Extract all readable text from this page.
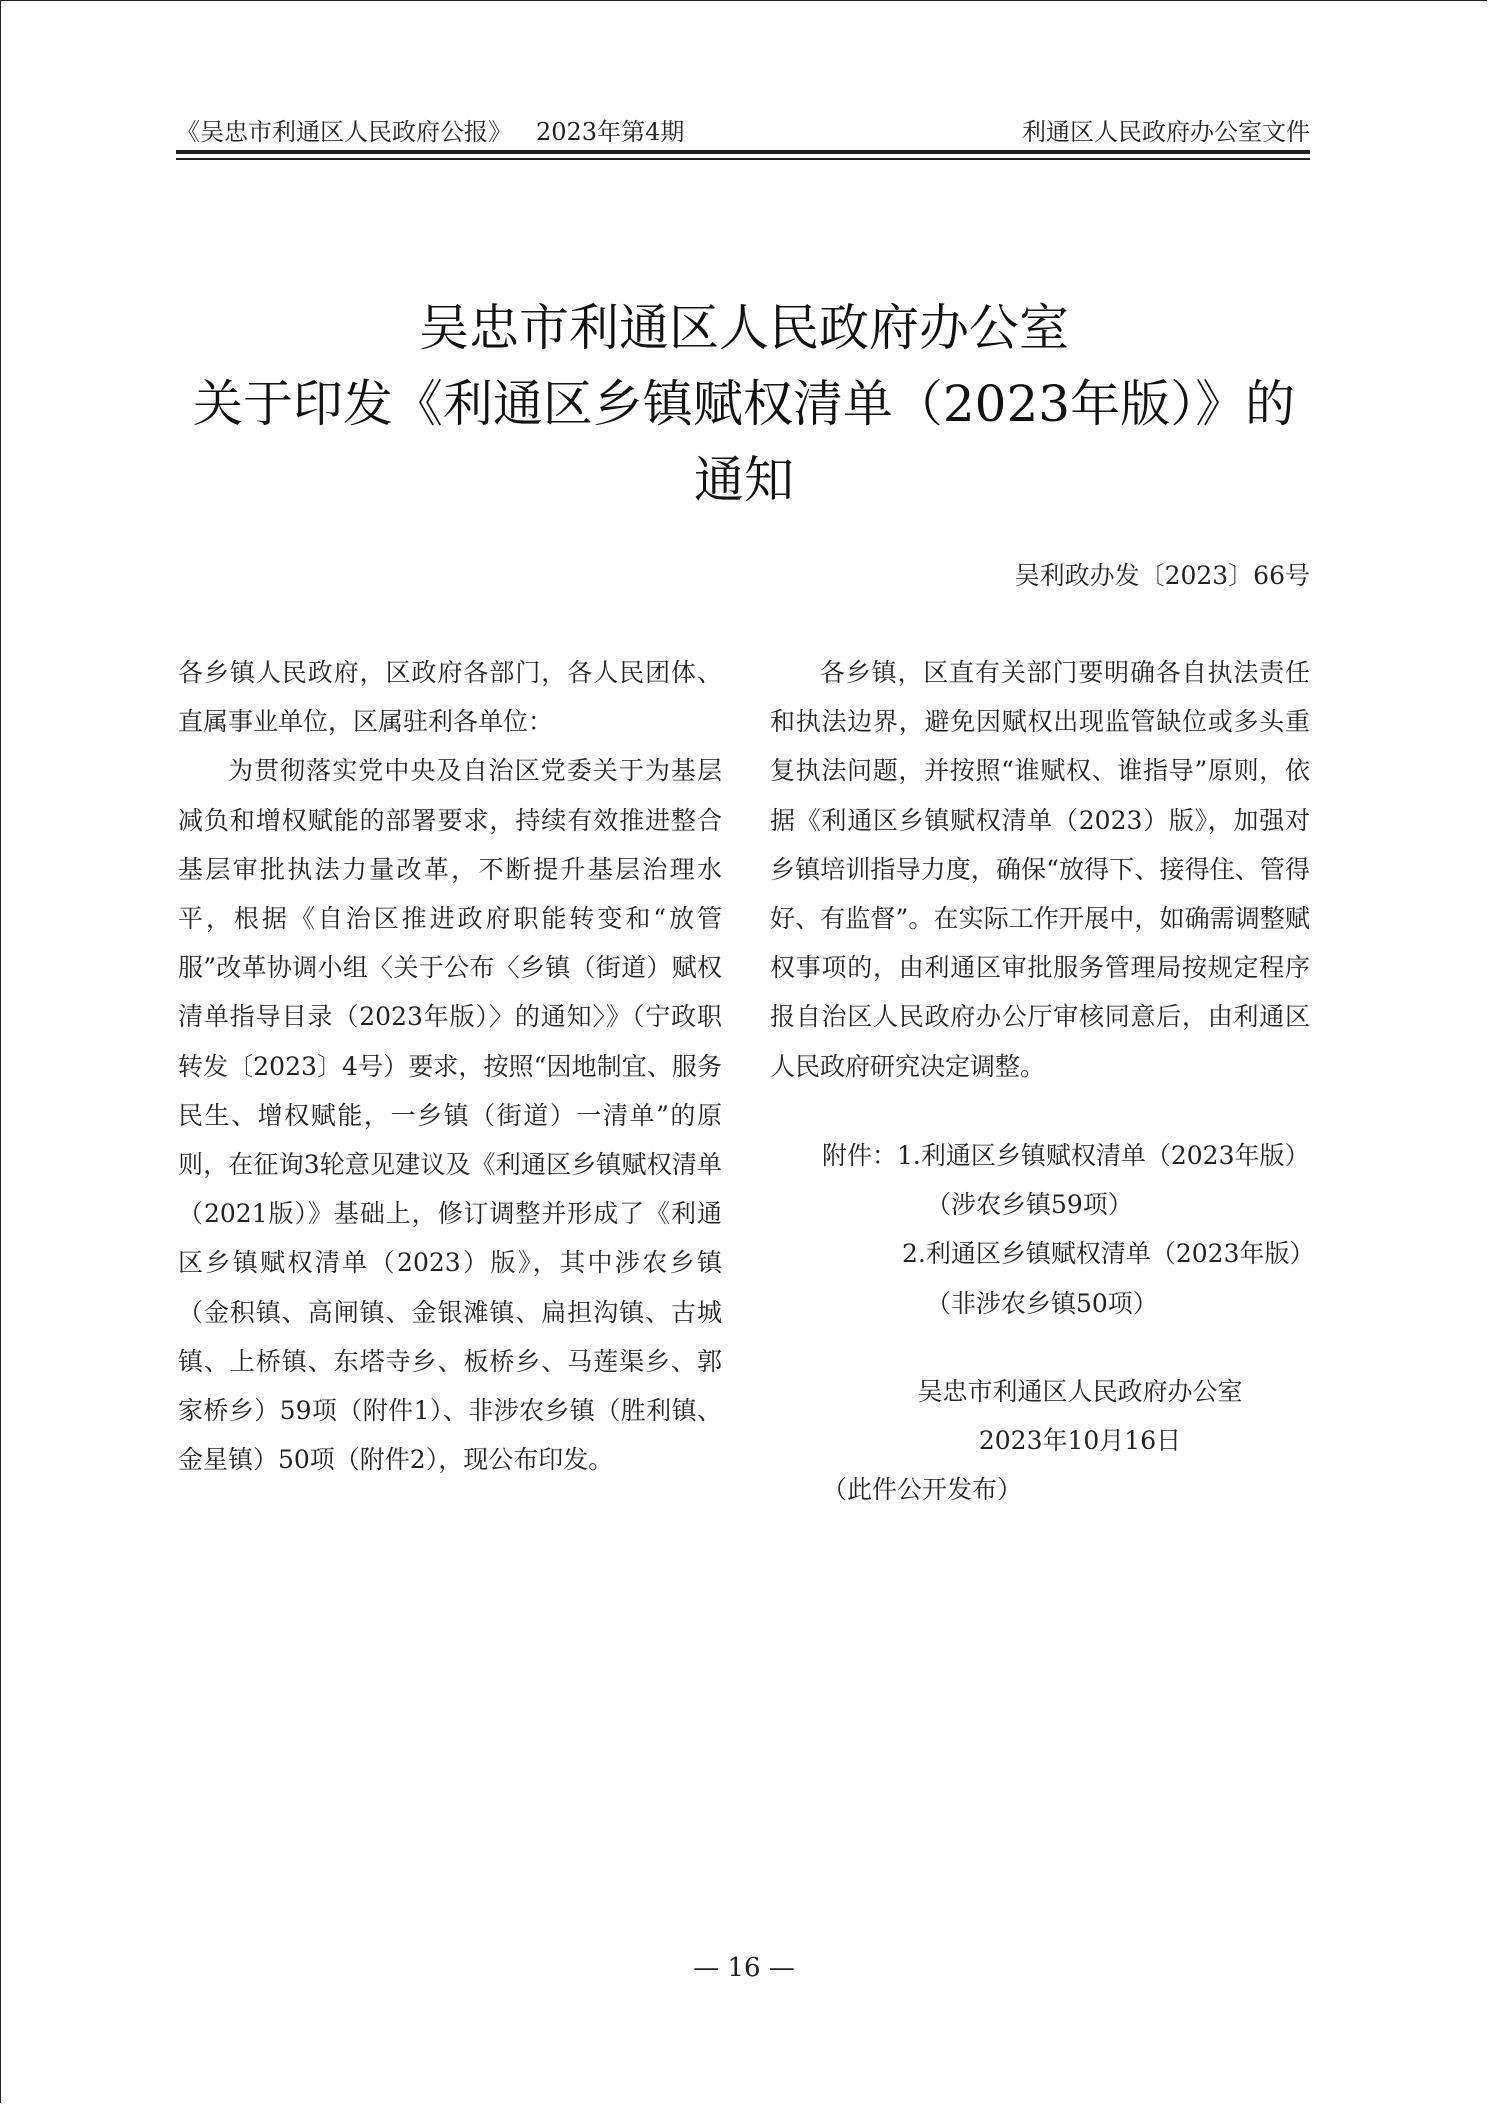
《吴忠市利通区人民政府公报》 2023年第4期	利通区人民政府办公室文件
吴忠市利通区人民政府办公室
关于印发《利通区乡镇赋权清单（2023年版）》的
通知
吴利政办发〔2023〕66号

各乡镇人民政府，区政府各部门，各人民团体、直属事业单位，区属驻利各单位：

为贯彻落实党中央及自治区党委关于为基层减负和增权赋能的部署要求，持续有效推进整合基层审批执法力量改革，不断提升基层治理水平，根据《自治区推进政府职能转变和“放管服”改革协调小组〈关于公布〈乡镇（街道）赋权清单指导目录（2023年版）〉的通知〉》（宁政职转发〔2023〕4号）要求，按照“因地制宜、服务民生、增权赋能，一乡镇（街道）一清单”的原则，在征询3轮意见建议及《利通区乡镇赋权清单（2021版）》基础上，修订调整并形成了《利通区乡镇赋权清单（2023）版》，其中涉农乡镇（金积镇、高闸镇、金银滩镇、扁担沟镇、古城镇、上桥镇、东塔寺乡、板桥乡、马莲渠乡、郭家桥乡）59项（附件1）、非涉农乡镇（胜利镇、金星镇）50项（附件2），现公布印发。

各乡镇，区直有关部门要明确各自执法责任和执法边界，避免因赋权出现监管缺位或多头重复执法问题，并按照“谁赋权、谁指导”原则，依据《利通区乡镇赋权清单（2023）版》，加强对乡镇培训指导力度，确保“放得下、接得住、管得好、有监督”。在实际工作开展中，如确需调整赋权事项的，由利通区审批服务管理局按规定程序报自治区人民政府办公厅审核同意后，由利通区人民政府研究决定调整。

附件：1.利通区乡镇赋权清单（2023年版）
（涉农乡镇59项）
2.利通区乡镇赋权清单（2023年版）
（非涉农乡镇50项）
吴忠市利通区人民政府办公室
2023年10月16日
（此件公开发布）
— 16 —
